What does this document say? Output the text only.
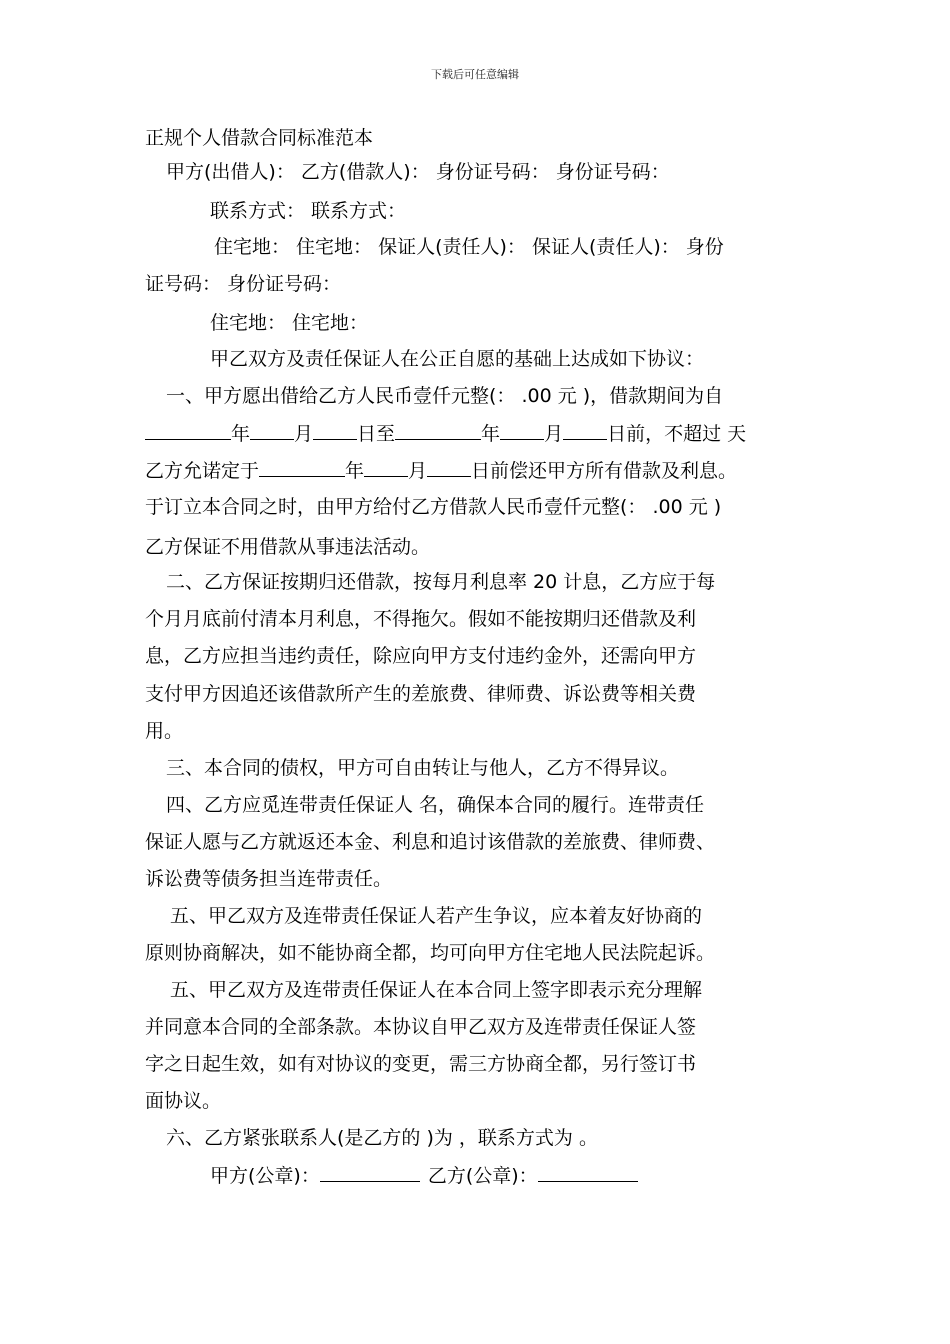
下载后可任意编辑
正规个人借款合同标准范本
甲方(出借人)： 乙方(借款人)： 身份证号码： 身份证号码：
联系方式： 联系方式：
住宅地： 住宅地： 保证人(责任人)： 保证人(责任人)： 身份
证号码： 身份证号码：
住宅地： 住宅地：
甲乙双方及责任保证人在公正自愿的基础上达成如下协议：
一、甲方愿出借给乙方人民币壹仟元整(： .00 元 )，借款期间为自
年 月 日至	年 月 日前，不超过 天
乙方允诺定于	年 月 日前偿还甲方所有借款及利息。
于订立本合同之时，由甲方给付乙方借款人民币壹仟元整(： .00 元 )
乙方保证不用借款从事违法活动。
二、乙方保证按期归还借款，按每月利息率 20 计息，乙方应于每
个月月底前付清本月利息，不得拖欠。假如不能按期归还借款及利
息，乙方应担当违约责任，除应向甲方支付违约金外，还需向甲方
支付甲方因追还该借款所产生的差旅费、律师费、诉讼费等相关费
用。
三、本合同的债权，甲方可自由转让与他人，乙方不得异议。
四、乙方应觅连带责任保证人 名，确保本合同的履行。连带责任
保证人愿与乙方就返还本金、利息和追讨该借款的差旅费、律师费、
诉讼费等债务担当连带责任。
五、甲乙双方及连带责任保证人若产生争议，应本着友好协商的
原则协商解决，如不能协商全都，均可向甲方住宅地人民法院起诉。
五、甲乙双方及连带责任保证人在本合同上签字即表示充分理解
并同意本合同的全部条款。本协议自甲乙双方及连带责任保证人签
字之日起生效，如有对协议的变更，需三方协商全都，另行签订书
面协议。
六、乙方紧张联系人(是乙方的 )为 ，联系方式为 。
甲方(公章)：	乙方(公章)：
